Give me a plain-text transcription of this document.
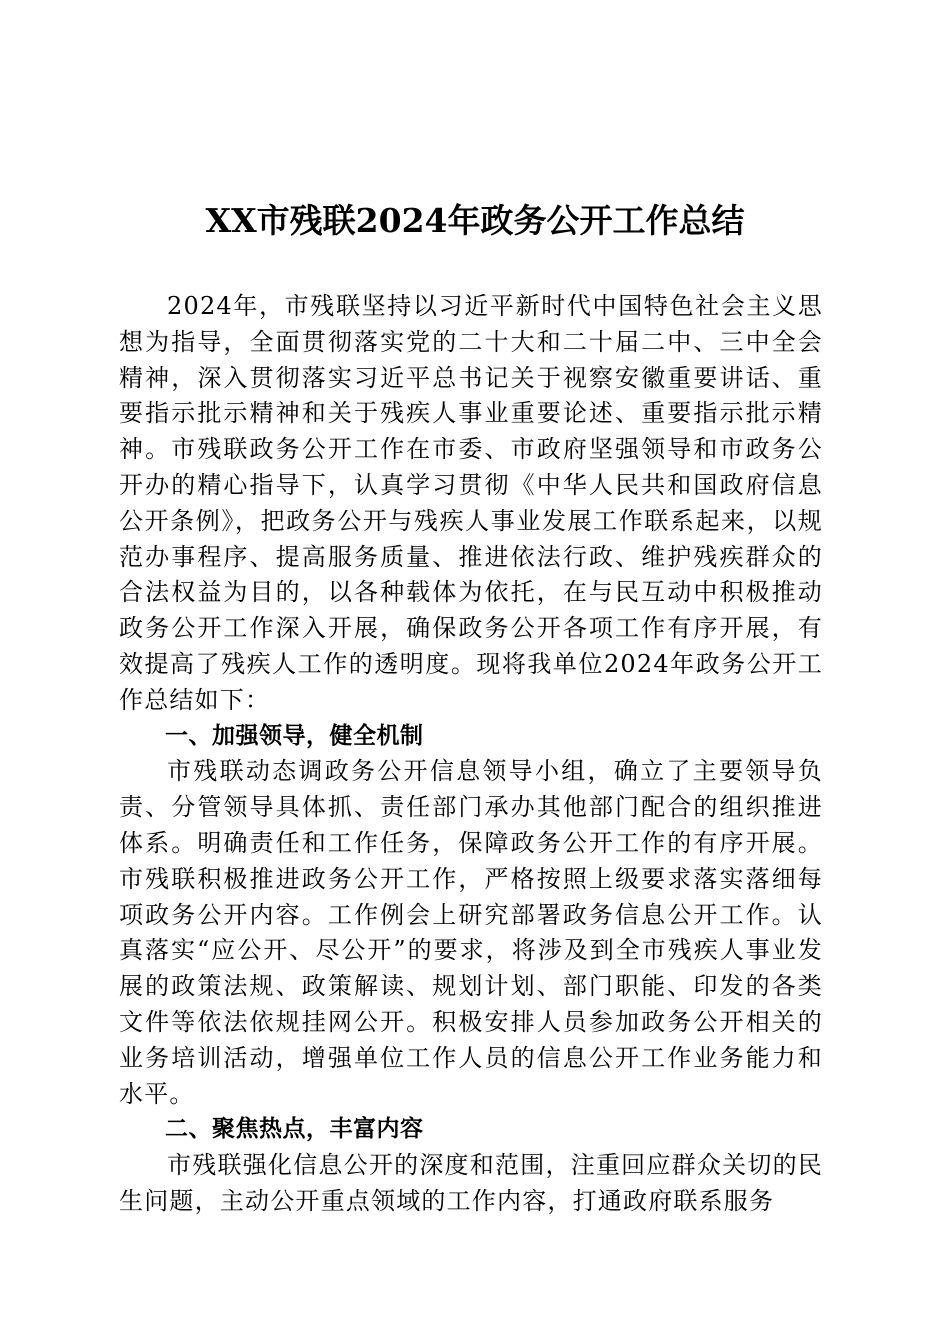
XX市残联2024年政务公开工作总结

2024年，市残联坚持以习近平新时代中国特色社会主义思想为指导，全面贯彻落实党的二十大和二十届二中、三中全会精神，深入贯彻落实习近平总书记关于视察安徽重要讲话、重要指示批示精神和关于残疾人事业重要论述、重要指示批示精神。市残联政务公开工作在市委、市政府坚强领导和市政务公开办的精心指导下，认真学习贯彻《中华人民共和国政府信息公开条例》，把政务公开与残疾人事业发展工作联系起来，以规范办事程序、提高服务质量、推进依法行政、维护残疾群众的合法权益为目的，以各种载体为依托，在与民互动中积极推动政务公开工作深入开展，确保政务公开各项工作有序开展，有效提高了残疾人工作的透明度。现将我单位2024年政务公开工作总结如下：

一、加强领导，健全机制

市残联动态调政务公开信息领导小组，确立了主要领导负责、分管领导具体抓、责任部门承办其他部门配合的组织推进体系。明确责任和工作任务，保障政务公开工作的有序开展。市残联积极推进政务公开工作，严格按照上级要求落实落细每项政务公开内容。工作例会上研究部署政务信息公开工作。认真落实“应公开、尽公开”的要求，将涉及到全市残疾人事业发展的政策法规、政策解读、规划计划、部门职能、印发的各类文件等依法依规挂网公开。积极安排人员参加政务公开相关的业务培训活动，增强单位工作人员的信息公开工作业务能力和水平。

二、聚焦热点，丰富内容

市残联强化信息公开的深度和范围，注重回应群众关切的民生问题，主动公开重点领域的工作内容，打通政府联系服务
